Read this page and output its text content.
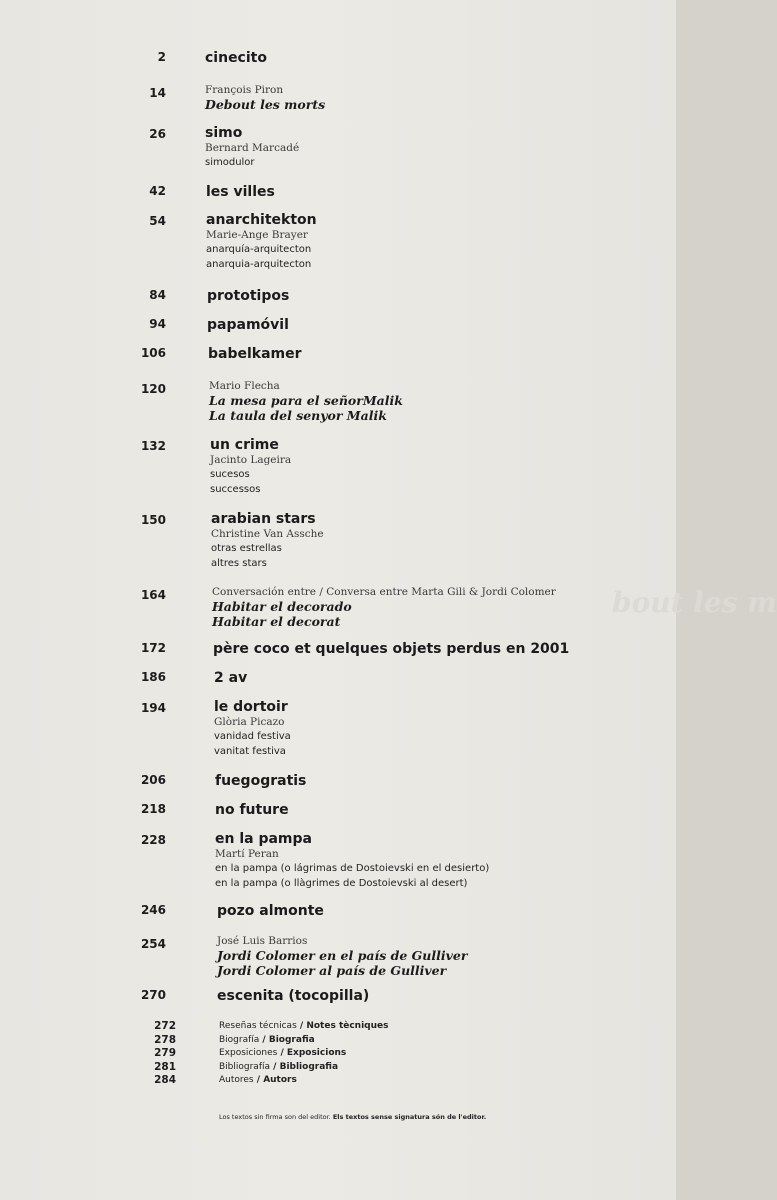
bout les m
2	cinecito
14	François Piron
Debout les morts
26	simo
Bernard Marcadé
simodulor
42	les villes
54	anarchitekton
Marie-Ange Brayer
anarquía-arquitecton
anarquia-arquitecton
84	prototipos
94	papamóvil
106	babelkamer
120	Mario Flecha
La mesa para el señorMalik
La taula del senyor Malik
132	un crime
Jacinto Lageira
sucesos
successos
150	arabian stars
Christine Van Assche
otras estrellas
altres stars
164	Conversación entre / Conversa entre Marta Gili & Jordi Colomer
Habitar el decorado
Habitar el decorat
172	père coco et quelques objets perdus en 2001
186	2 av
194	le dortoir
Glòria Picazo
vanidad festiva
vanitat festiva
206	fuegogratis
218	no future
228	en la pampa
Martí Peran
en la pampa (o lágrimas de Dostoievski en el desierto)
en la pampa (o llàgrimes de Dostoievski al desert)
246	pozo almonte
254	José Luis Barrios
Jordi Colomer en el país de Gulliver
Jordi Colomer al país de Gulliver
270	escenita (tocopilla)
272	Reseñas técnicas / Notes tècniques
278	Biografía / Biografia
279	Exposiciones / Exposicions
281	Bibliografía / Bibliografia
284	Autores / Autors
Los textos sin firma son del editor. Els textos sense signatura són de l'editor.
